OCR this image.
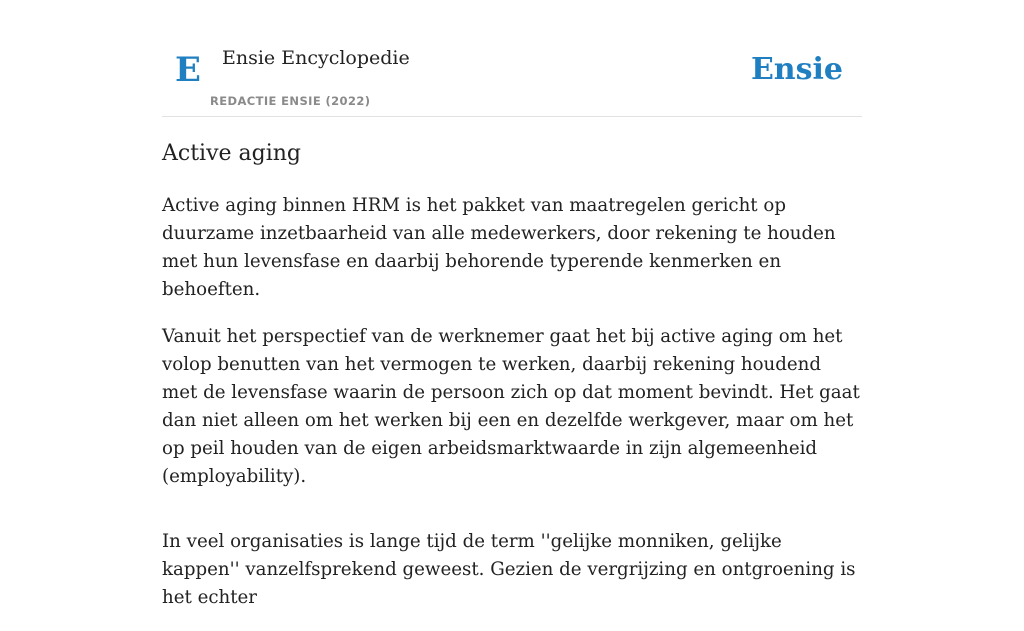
E Ensie Encyclopedie
REDACTIE ENSIE (2022)
Ensie
Active aging

Active aging binnen HRM is het pakket van maatregelen gericht op duurzame inzetbaarheid van alle medewerkers, door rekening te houden met hun levensfase en daarbij behorende typerende kenmerken en behoeften.

Vanuit het perspectief van de werknemer gaat het bij active aging om het volop benutten van het vermogen te werken, daarbij rekening houdend met de levensfase waarin de persoon zich op dat moment bevindt. Het gaat dan niet alleen om het werken bij een en dezelfde werkgever, maar om het op peil houden van de eigen arbeidsmarktwaarde in zijn algemeenheid (employability).

In veel organisaties is lange tijd de term ''gelijke monniken, gelijke kappen'' vanzelfsprekend geweest. Gezien de vergrijzing en ontgroening is het echter
